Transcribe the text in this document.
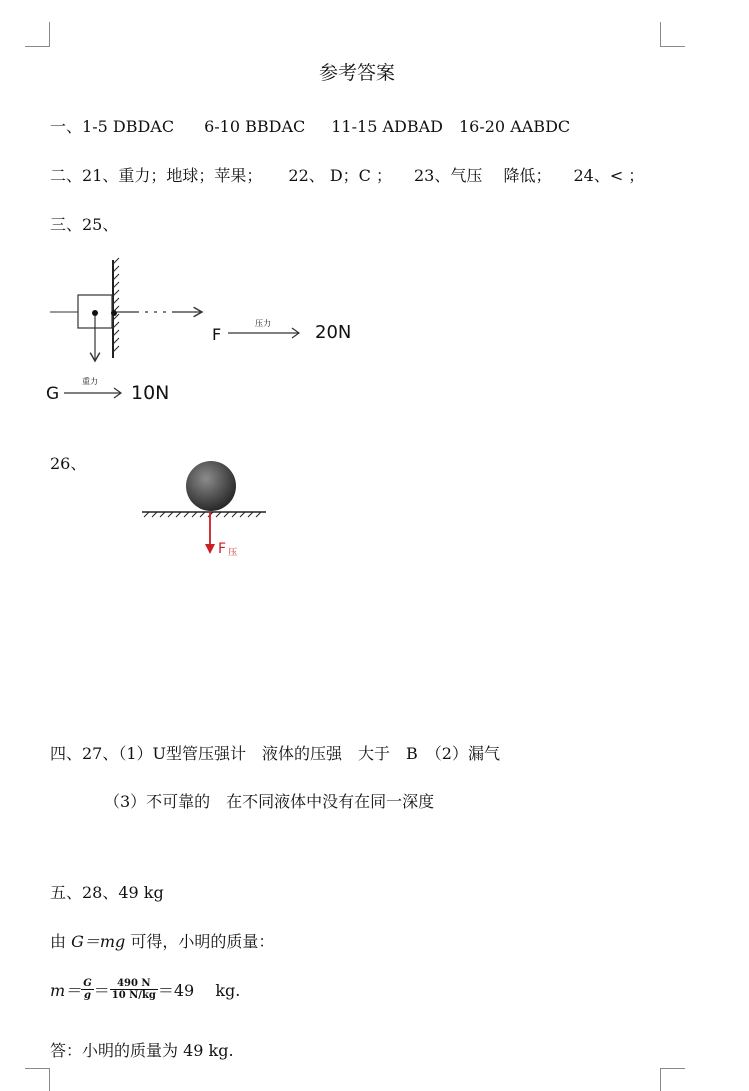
参考答案
一、1-5 DBDAC 6-10 BBDAC 11-15 ADBAD 16-20 AABDC
二、21、重力；地球；苹果； 22、 D；C ； 23、气压　 降低； 24、< ；
三、25、
F
压力 20N
G
重力
10N
26、
F压
四、27、（1）U型管压强计　液体的压强　大于　B　（2）漏气
（3）不可靠的　在不同液体中没有在同一深度
五、28、49 kg
由 G＝mg 可得，小明的质量：
$m= \frac{G}{g} = \frac{490 N}{10 N/kg} =49$　 kg.
答：小明的质量为 49 kg.
